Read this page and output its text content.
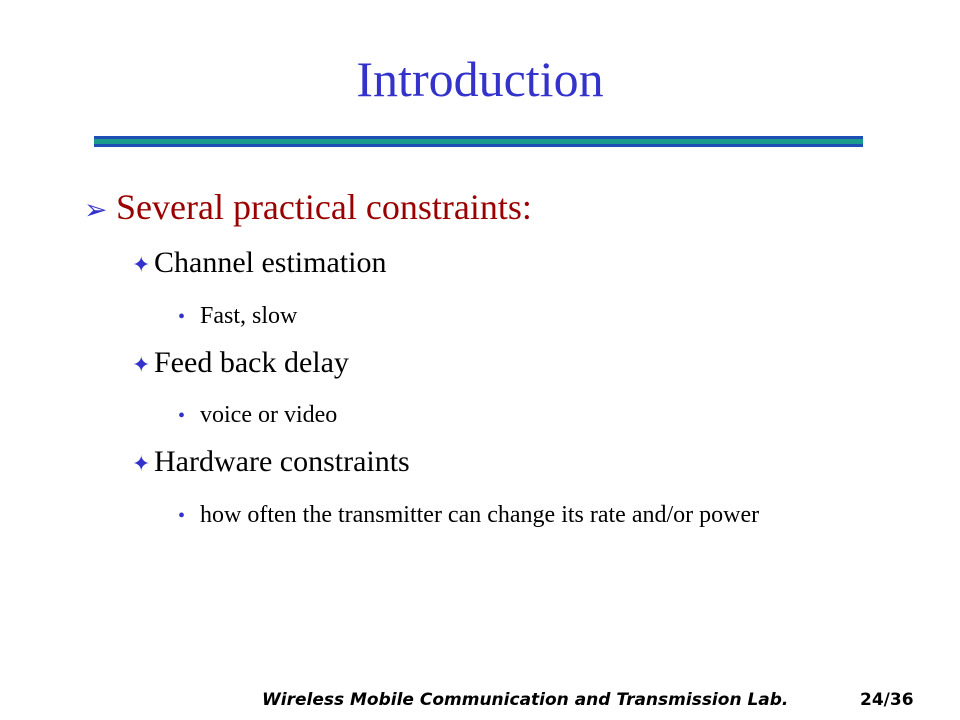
Introduction
➢ Several practical constraints:
✦ Channel estimation
• Fast, slow
✦ Feed back delay
• voice or video
✦ Hardware constraints
• how often the transmitter can change its rate and/or power
Wireless Mobile Communication and Transmission Lab.	24/36
